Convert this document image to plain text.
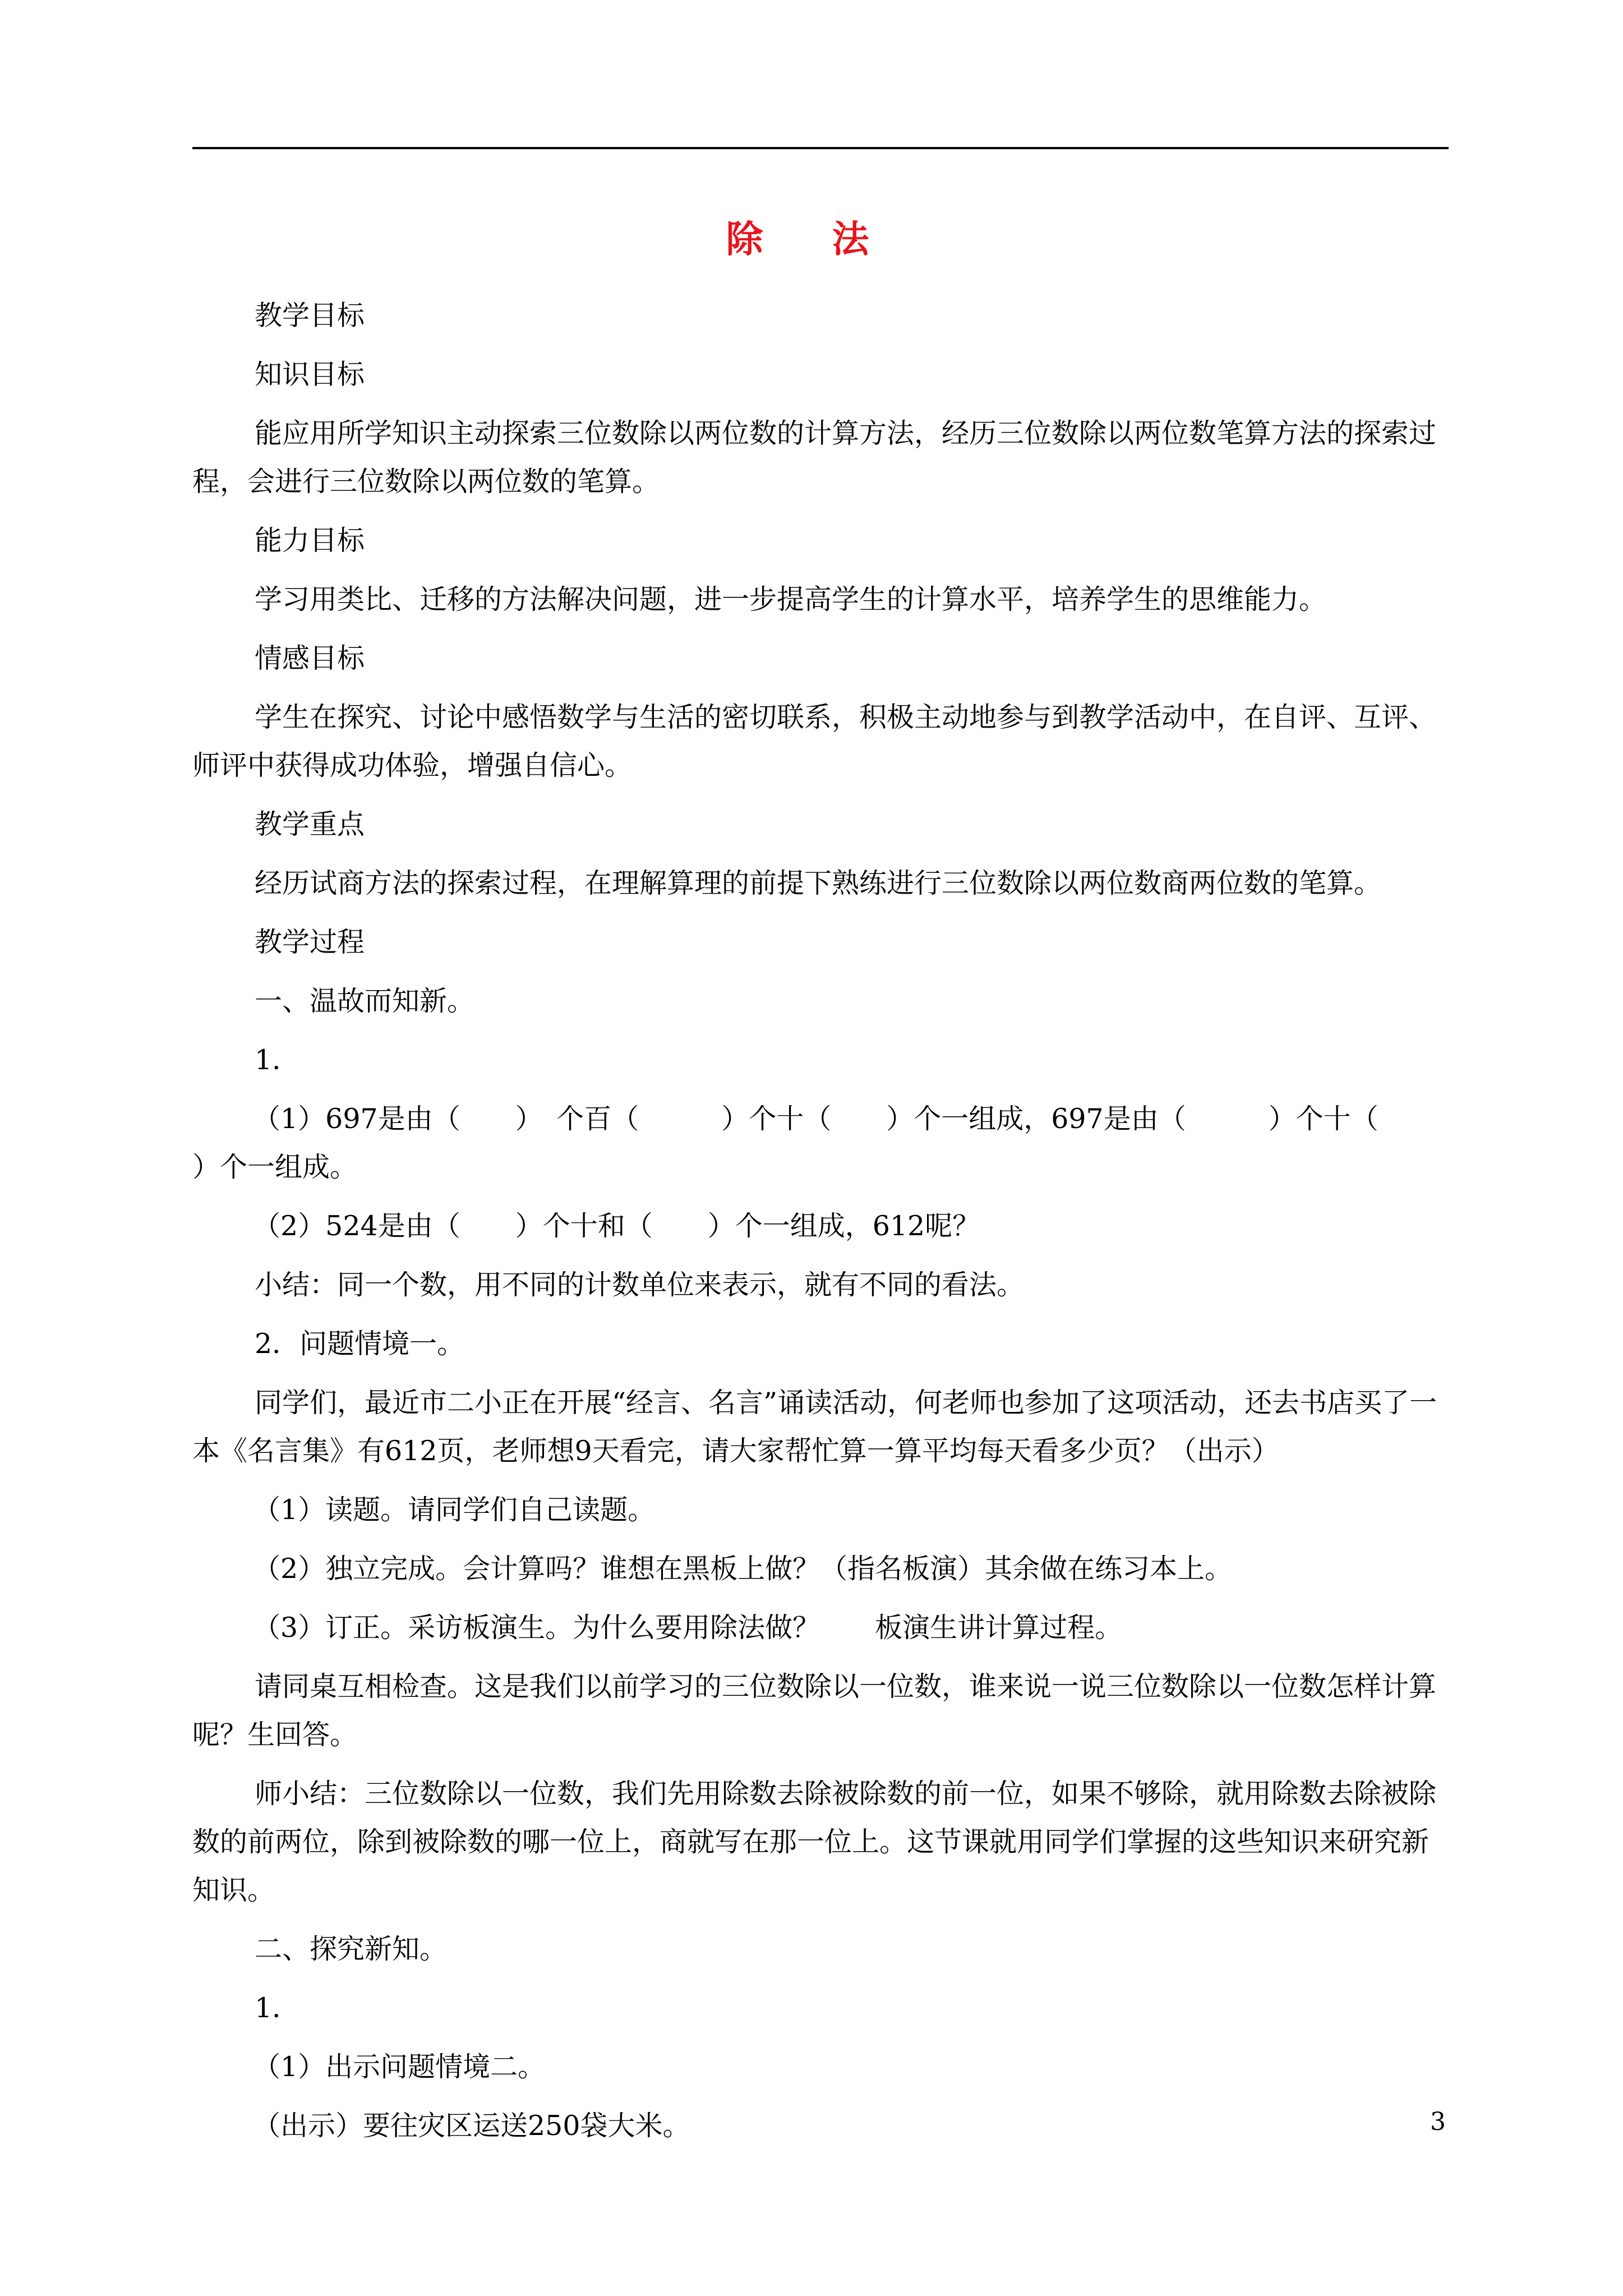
除 法

教学目标

知识目标

能应用所学知识主动探索三位数除以两位数的计算方法，经历三位数除以两位数笔算方法的探索过程，会进行三位数除以两位数的笔算。

能力目标

学习用类比、迁移的方法解决问题，进一步提高学生的计算水平，培养学生的思维能力。

情感目标

学生在探究、讨论中感悟数学与生活的密切联系，积极主动地参与到教学活动中，在自评、互评、师评中获得成功体验，增强自信心。

教学重点

经历试商方法的探索过程，在理解算理的前提下熟练进行三位数除以两位数商两位数的笔算。

教学过程

一、温故而知新。

1．

（1）697是由（　　）　个百（　　　）个十（　　）个一组成，697是由（　　　）个十（　　　）个一组成。

（2）524是由（　　）个十和（　　）个一组成，612呢？

小结：同一个数，用不同的计数单位来表示，就有不同的看法。

2．问题情境一。

同学们，最近市二小正在开展“经言、名言”诵读活动，何老师也参加了这项活动，还去书店买了一本《名言集》有612页，老师想9天看完，请大家帮忙算一算平均每天看多少页？（出示）

（1）读题。请同学们自己读题。

（2）独立完成。会计算吗？谁想在黑板上做？（指名板演）其余做在练习本上。

（3）订正。采访板演生。为什么要用除法做？　　板演生讲计算过程。

请同桌互相检查。这是我们以前学习的三位数除以一位数，谁来说一说三位数除以一位数怎样计算呢？生回答。

师小结：三位数除以一位数，我们先用除数去除被除数的前一位，如果不够除，就用除数去除被除数的前两位，除到被除数的哪一位上，商就写在那一位上。这节课就用同学们掌握的这些知识来研究新知识。

二、探究新知。

1．

（1）出示问题情境二。

（出示）要往灾区运送250袋大米。	3
